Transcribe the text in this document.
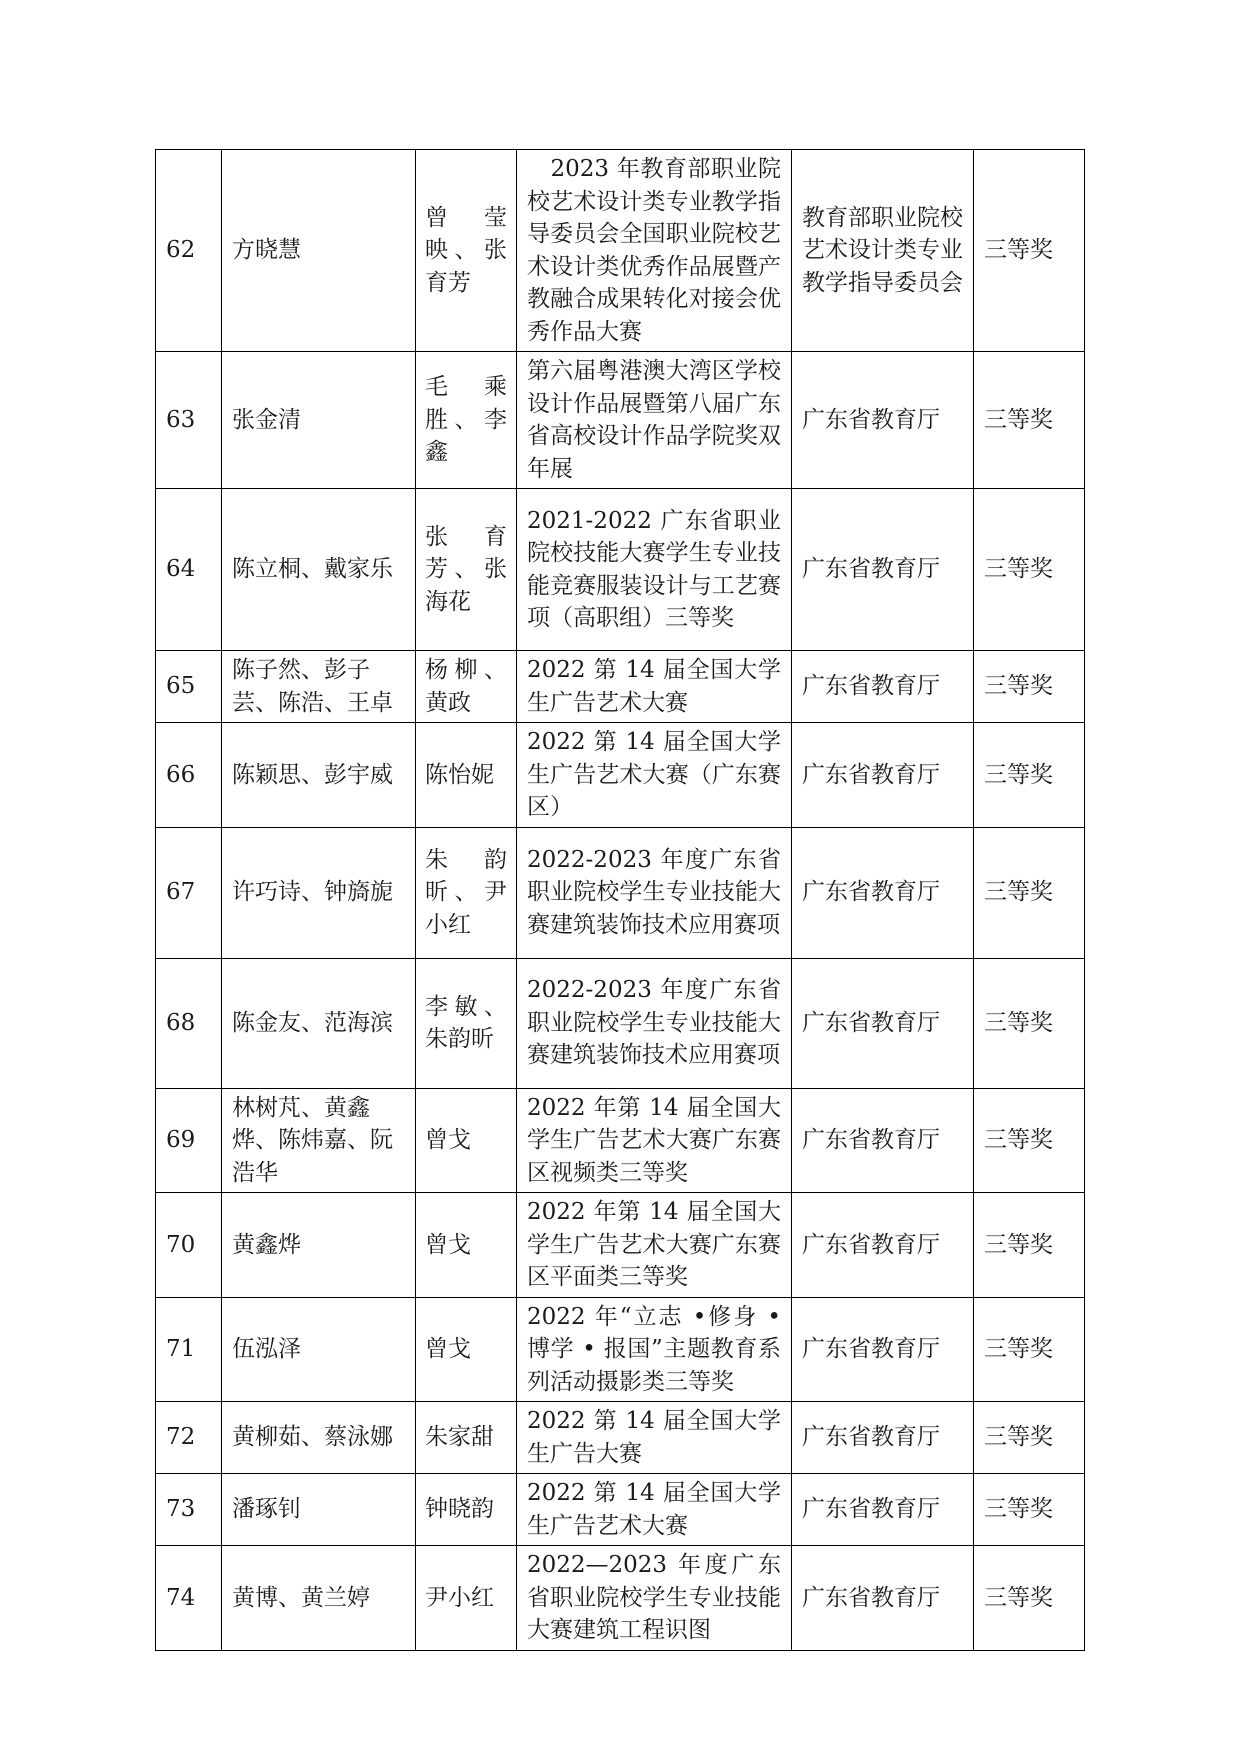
62	方晓慧	曾　莹映、张育芳	　2023 年教育部职业院校艺术设计类专业教学指导委员会全国职业院校艺术设计类优秀作品展暨产教融合成果转化对接会优秀作品大赛	教育部职业院校艺术设计类专业教学指导委员会	三等奖
63	张金清	毛　乘胜、李鑫	第六届粤港澳大湾区学校设计作品展暨第八届广东省高校设计作品学院奖双年展	广东省教育厅	三等奖
64	陈立桐、戴家乐	张　育芳、张海花	2021-2022 广东省职业院校技能大赛学生专业技能竞赛服装设计与工艺赛项（高职组）三等奖	广东省教育厅	三等奖
65	陈子然、彭子芸、陈浩、王卓	杨柳、黄政	2022 第 14 届全国大学生广告艺术大赛	广东省教育厅	三等奖
66	陈颖思、彭宇威	陈怡妮	2022 第 14 届全国大学生广告艺术大赛（广东赛区）	广东省教育厅	三等奖
67	许巧诗、钟旖旎	朱　韵昕、尹小红	2022-2023 年度广东省职业院校学生专业技能大赛建筑装饰技术应用赛项	广东省教育厅	三等奖
68	陈金友、范海滨	李敏、朱韵昕	2022-2023 年度广东省职业院校学生专业技能大赛建筑装饰技术应用赛项	广东省教育厅	三等奖
69	林树芃、黄鑫烨、陈炜嘉、阮浩华	曾戈	2022 年第 14 届全国大学生广告艺术大赛广东赛区视频类三等奖	广东省教育厅	三等奖
70	黄鑫烨	曾戈	2022 年第 14 届全国大学生广告艺术大赛广东赛区平面类三等奖	广东省教育厅	三等奖
71	伍泓泽	曾戈	2022 年“立志 •修身 •博学 • 报国”主题教育系列活动摄影类三等奖	广东省教育厅	三等奖
72	黄柳茹、蔡泳娜	朱家甜	2022 第 14 届全国大学生广告大赛	广东省教育厅	三等奖
73	潘琢钊	钟晓韵	2022 第 14 届全国大学生广告艺术大赛	广东省教育厅	三等奖
74	黄博、黄兰婷	尹小红	2022—2023 年度广东省职业院校学生专业技能大赛建筑工程识图	广东省教育厅	三等奖
